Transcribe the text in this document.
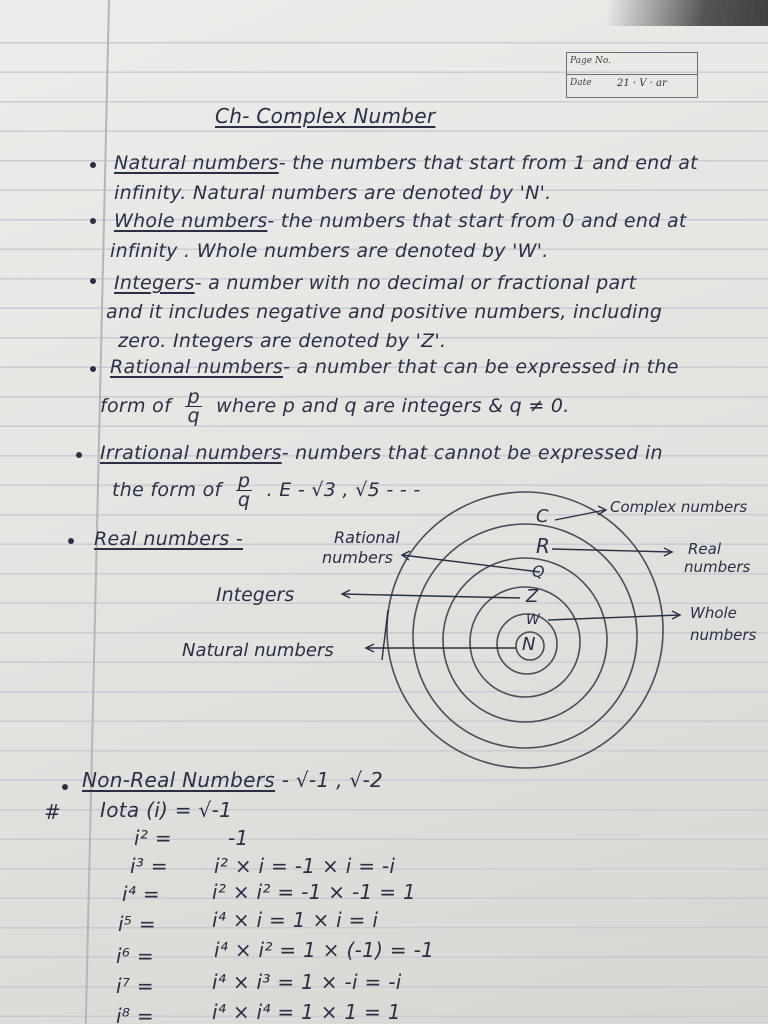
Page No.
Date	21 · V · ar
Ch- Complex Number
Natural numbers- the numbers that start from 1 and end at
infinity. Natural numbers are denoted by 'N'.
Whole numbers- the numbers that start from 0 and end at
infinity . Whole numbers are denoted by 'W'.
Integers- a number with no decimal or fractional part
and it includes negative and positive numbers, including
zero. Integers are denoted by 'Z'.
Rational numbers- a number that can be expressed in the
form of $\frac{p}{q}$ where p and q are integers & q ≠ 0.
Irrational numbers- numbers that cannot be expressed in
the form of $\frac{p}{q}$ . E - √3 , √5 - - -
Real numbers -
C
R
Q
Z
W
N
Complex numbers
Real
numbers
Rational
numbers
Integers
Whole
numbers
Natural numbers
Non-Real Numbers - √-1 , √-2
# Iota (i) = √-1
i² =	-1
i³ = i² × i = -1 × i = -i
i⁴ =	i² × i² = -1 × -1 = 1
i⁵ =	i⁴ × i = 1 × i = i
i⁶ =	i⁴ × i² = 1 × (-1) = -1
i⁷ =	i⁴ × i³ = 1 × -i = -i
i⁸ =	i⁴ × i⁴ = 1 × 1 = 1
